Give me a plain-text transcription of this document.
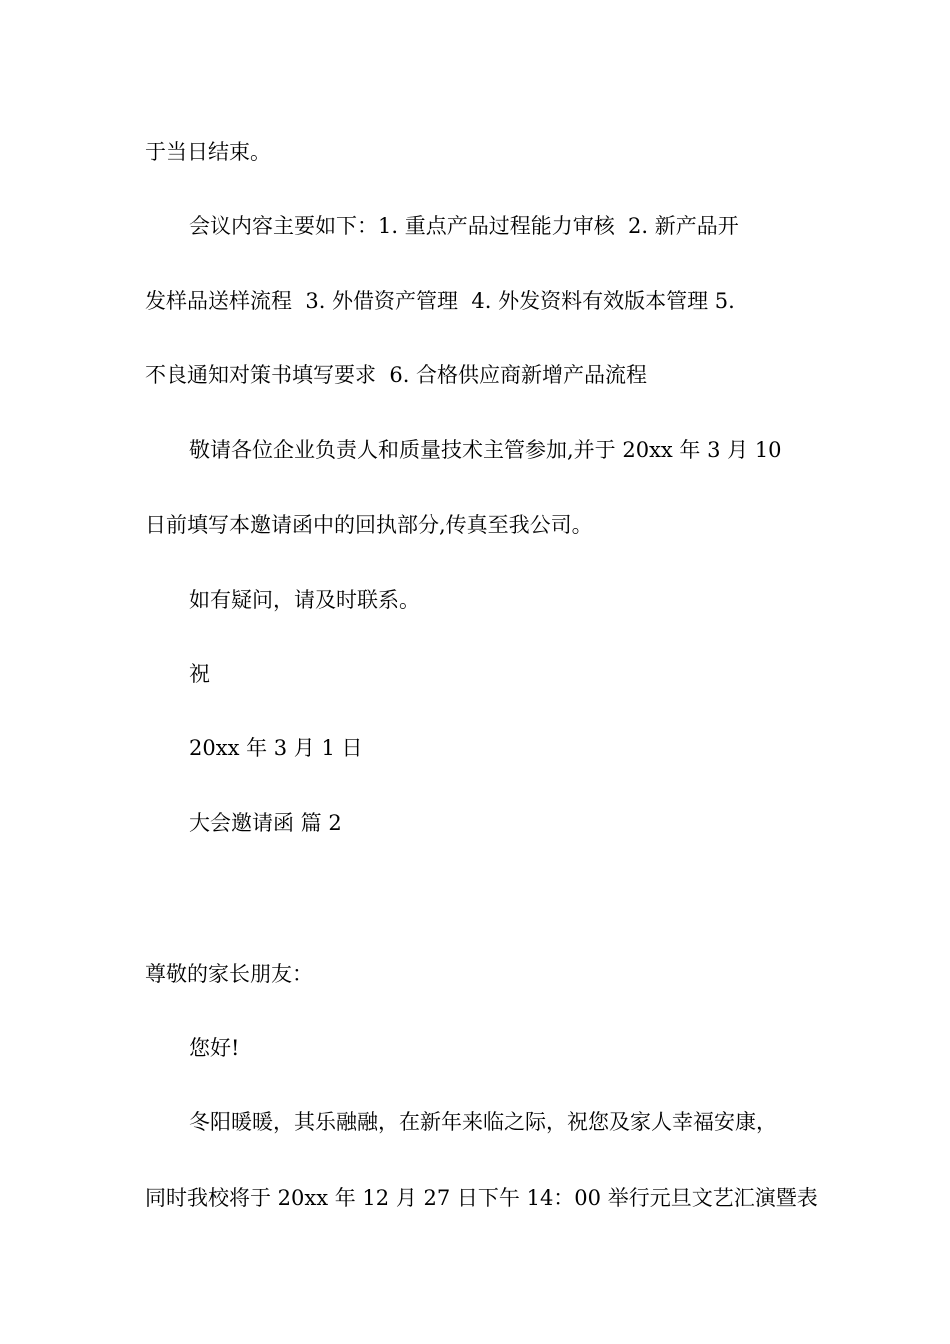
于当日结束。
会议内容主要如下：1. 重点产品过程能力审核  2. 新产品开
发样品送样流程  3. 外借资产管理  4. 外发资料有效版本管理 5.
不良通知对策书填写要求  6. 合格供应商新增产品流程
敬请各位企业负责人和质量技术主管参加,并于 20xx 年 3 月 10
日前填写本邀请函中的回执部分,传真至我公司。
如有疑问，请及时联系。
祝
20xx 年 3 月 1 日
大会邀请函 篇 2
尊敬的家长朋友：
您好!
冬阳暖暖，其乐融融，在新年来临之际，祝您及家人幸福安康，
同时我校将于 20xx 年 12 月 27 日下午 14：00 举行元旦文艺汇演暨表
